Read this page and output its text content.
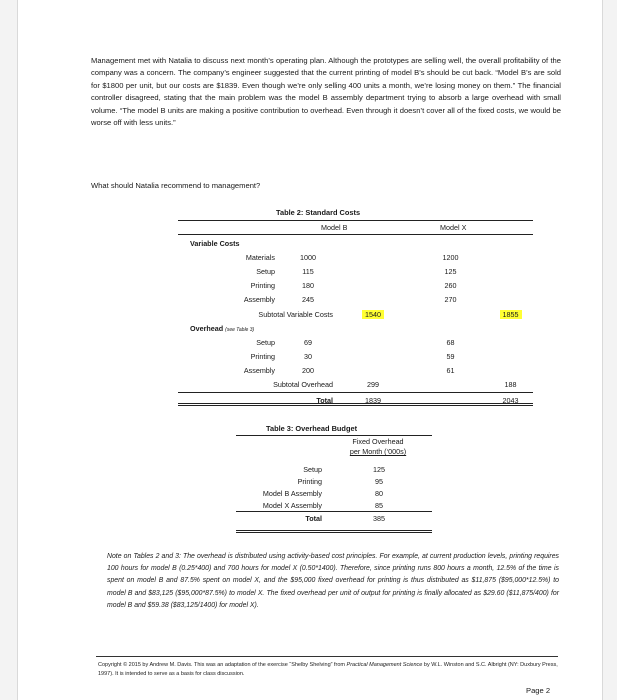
Management met with Natalia to discuss next month’s operating plan. Although the prototypes are selling well, the overall profitability of the company was a concern. The company’s engineer suggested that the current printing of model B’s should be cut back. “Model B’s are sold for $1800 per unit, but our costs are $1839. Even though we’re only selling 400 units a month, we’re losing money on them.” The financial controller disagreed, stating that the main problem was the model B assembly department trying to absorb a large overhead with small volume. “The model B units are making a positive contribution to overhead. Even through it doesn’t cover all of the fixed costs, we would be worse off with less units.”

What should Natalia recommend to management?

Table 2: Standard Costs
Model B	Model X
Variable Costs				
Materials	1000		1200	
Setup	115		125	
Printing	180		260	
Assembly	245		270	
Subtotal Variable Costs		1540		1855
Overhead (see Table 3)				
Setup	69		68	
Printing	30		59	
Assembly	200		61	
Subtotal Overhead		299		188
Total		1839		2043
Table 3: Overhead Budget
Fixed Overhead
per Month (‘000s)
Setup	125
Printing	95
Model B Assembly	80
Model X Assembly	85
Total	385

Note on Tables 2 and 3: The overhead is distributed using activity-based cost principles. For example, at current production levels, printing requires 100 hours for model B (0.25*400) and 700 hours for model X (0.50*1400). Therefore, since printing runs 800 hours a month, 12.5% of the time is spent on model B and 87.5% spent on model X, and the $95,000 fixed overhead for printing is thus distributed as $11,875 ($95,000*12.5%) to model B and $83,125 ($95,000*87.5%) to model X. The fixed overhead per unit of output for printing is finally allocated as $29.60 ($11,875/400) for model B and $59.38 ($83,125/1400) for model X).

Copyright © 2015 by Andrew M. Davis. This was an adaptation of the exercise “Shelby Shelving” from Practical Management Science by W.L. Winston and S.C. Albright (NY: Duxbury Press, 1997). It is intended to serve as a basis for class discussion.

Page 2
